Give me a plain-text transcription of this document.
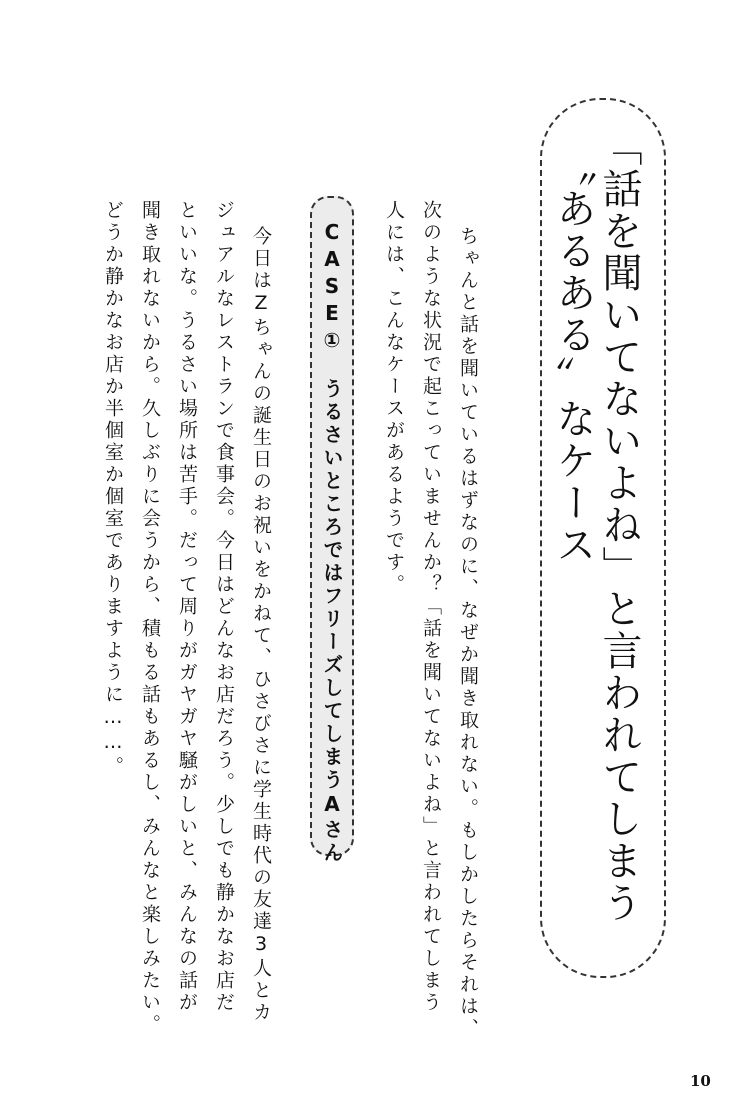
「話を聞いてないよね」と言われてしまう
〝あるある〟なケース
ちゃんと話を聞いているはずなのに、なぜか聞き取れない。もしかしたらそれは、
次のような状況で起こっていませんか？「話を聞いてないよね」と言われてしまう
人には、こんなケースがあるようです。
CASE①　うるさいところではフリーズしてしまうAさん
今日はZちゃんの誕生日のお祝いをかねて、ひさびさに学生時代の友達3人とカ
ジュアルなレストランで食事会。今日はどんなお店だろう。少しでも静かなお店だ
といいな。うるさい場所は苦手。だって周りがガヤガヤ騒がしいと、みんなの話が
聞き取れないから。久しぶりに会うから、積もる話もあるし、みんなと楽しみたい。
どうか静かなお店か半個室か個室でありますように……。
10
